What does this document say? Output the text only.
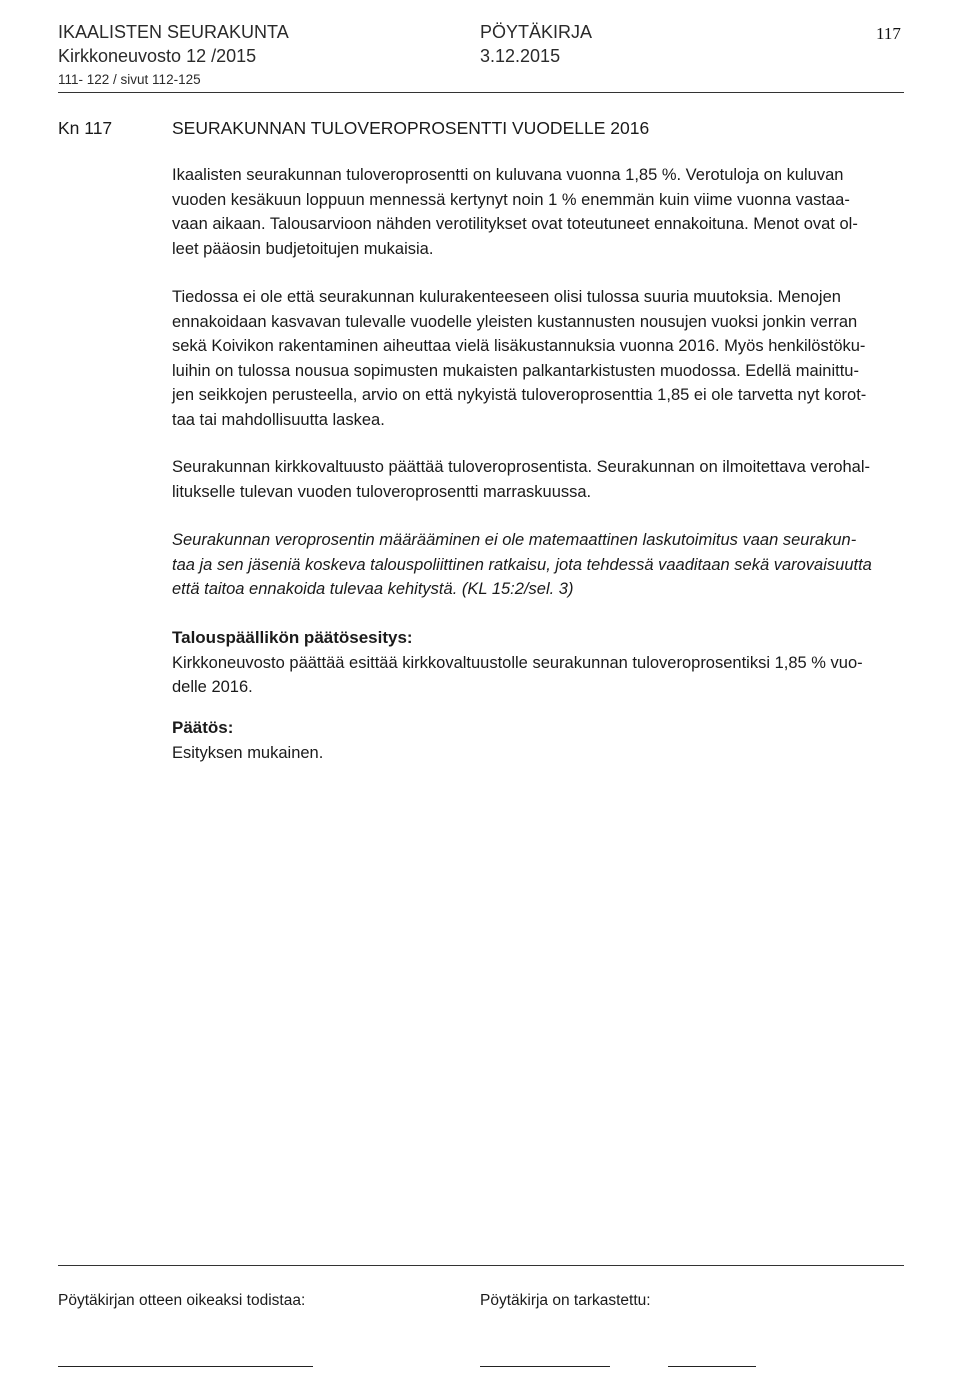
IKAALISTEN SEURAKUNTA	PÖYTÄKIRJA	117
Kirkkoneuvosto 12 /2015	3.12.2015
111- 122 / sivut 112-125
Kn 117	SEURAKUNNAN TULOVEROPROSENTTI VUODELLE 2016

Ikaalisten seurakunnan tuloveroprosentti on kuluvana vuonna 1,85 %. Verotuloja on kuluvan

vuoden kesäkuun loppuun mennessä kertynyt noin 1 % enemmän kuin viime vuonna vastaa-

vaan aikaan. Talousarvioon nähden verotilitykset ovat toteutuneet ennakoituna. Menot ovat ol-

leet pääosin budjetoitujen mukaisia.

Tiedossa ei ole että seurakunnan kulurakenteeseen olisi tulossa suuria muutoksia. Menojen

ennakoidaan kasvavan tulevalle vuodelle yleisten kustannusten nousujen vuoksi jonkin verran

sekä Koivikon rakentaminen aiheuttaa vielä lisäkustannuksia vuonna 2016. Myös henkilöstöku-

luihin on tulossa nousua sopimusten mukaisten palkantarkistusten muodossa. Edellä mainittu-

jen seikkojen perusteella, arvio on että nykyistä tuloveroprosenttia 1,85 ei ole tarvetta nyt korot-

taa tai mahdollisuutta laskea.

Seurakunnan kirkkovaltuusto päättää tuloveroprosentista. Seurakunnan on ilmoitettava verohal-

litukselle tulevan vuoden tuloveroprosentti marraskuussa.

Seurakunnan veroprosentin määrääminen ei ole matemaattinen laskutoimitus vaan seurakun-

taa ja sen jäseniä koskeva talouspoliittinen ratkaisu, jota tehdessä vaaditaan sekä varovaisuutta

että taitoa ennakoida tulevaa kehitystä. (KL 15:2/sel. 3)

Talouspäällikön päätösesitys:

Kirkkoneuvosto päättää esittää kirkkovaltuustolle seurakunnan tuloveroprosentiksi 1,85 % vuo-

delle 2016.

Päätös:

Esityksen mukainen.

Pöytäkirjan otteen oikeaksi todistaa:	Pöytäkirja on tarkastettu:
